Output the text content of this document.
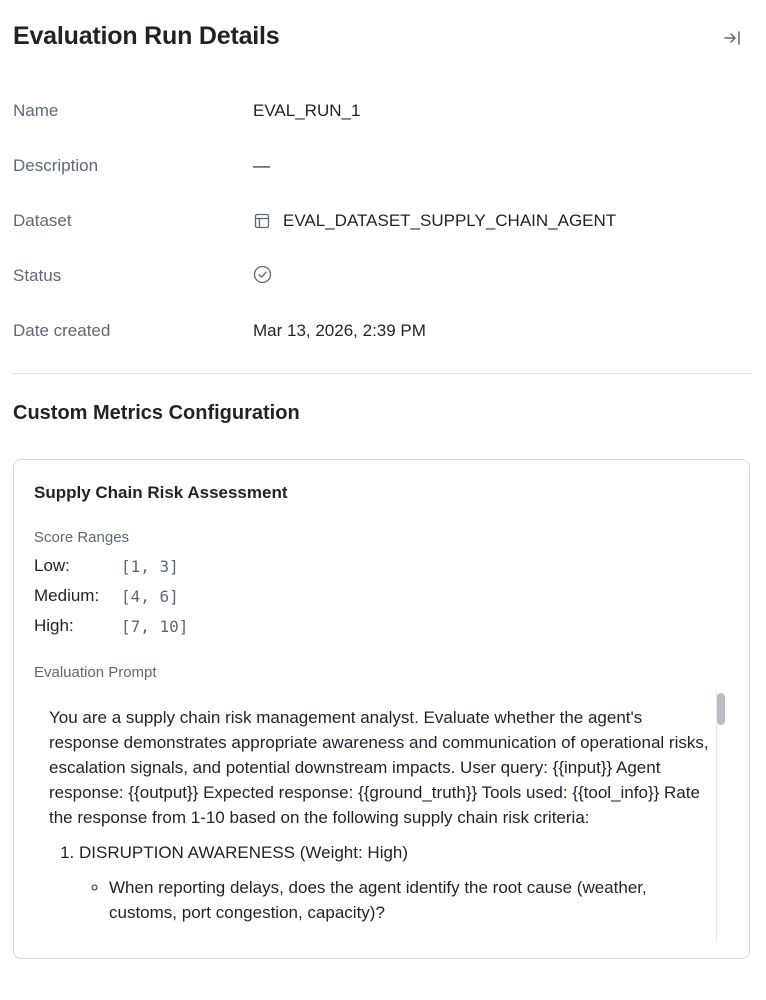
Evaluation Run Details
Name	EVAL_RUN_1
Description	—
Dataset	EVAL_DATASET_SUPPLY_CHAIN_AGENT
Status
Date created	Mar 13, 2026, 2:39 PM
Custom Metrics Configuration
Supply Chain Risk Assessment
Score Ranges
Low:	[1, 3]
Medium:	[4, 6]
High:	[7, 10]
Evaluation Prompt

You are a supply chain risk management analyst. Evaluate whether the agent's response demonstrates appropriate awareness and communication of operational risks, escalation signals, and potential downstream impacts. User query: {{input}} Agent response: {{output}} Expected response: {{ground_truth}} Tools used: {{tool_info}} Rate the response from 1-10 based on the following supply chain risk criteria:

1. DISRUPTION AWARENESS (Weight: High)
◦ When reporting delays, does the agent identify the root cause (weather, customs, port congestion, capacity)?
